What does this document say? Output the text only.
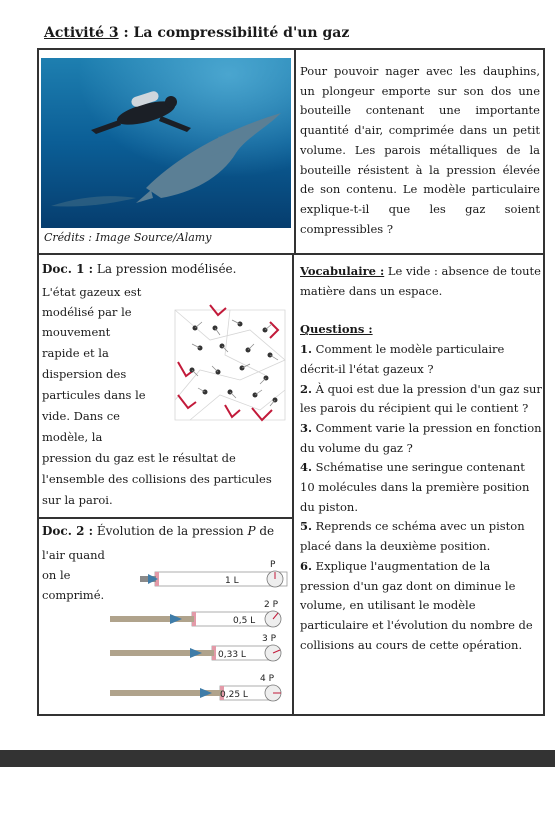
Activité 3 : La compressibilité d'un gaz
Crédits : Image Source/Alamy
Pour pouvoir nager avec les dauphins, un plongeur emporte sur son dos une bouteille contenant une importante quantité d'air, comprimée dans un petit volume. Les parois métalliques de la bouteille résistent à la pression élevée de son contenu. Le modèle particulaire explique-t-il que les gaz soient compressibles ?
Doc. 1 : La pression modélisée.
L'état gazeux est
modélisé par le
mouvement
rapide et la
dispersion des
particules dans le
vide. Dans ce
modèle, la
pression du gaz est le résultat de
l'ensemble des collisions des particules
sur la paroi.
Doc. 2 : Évolution de la pression P de
l'air quand
on le
comprimé.
1 L
P
0,5 L
2 P
0,33 L
3 P
0,25 L
4 P

Vocabulaire : Le vide : absence de toute matière dans un espace.

Questions :

1. Comment le modèle particulaire décrit-il l'état gazeux ?

2. À quoi est due la pression d'un gaz sur les parois du récipient qui le contient ?

3. Comment varie la pression en fonction du volume du gaz ?

4. Schématise une seringue contenant 10 molécules dans la première position du piston.

5. Reprends ce schéma avec un piston placé dans la deuxième position.

6. Explique l'augmentation de la pression d'un gaz dont on diminue le volume, en utilisant le modèle particulaire et l'évolution du nombre de collisions au cours de cette opération.
